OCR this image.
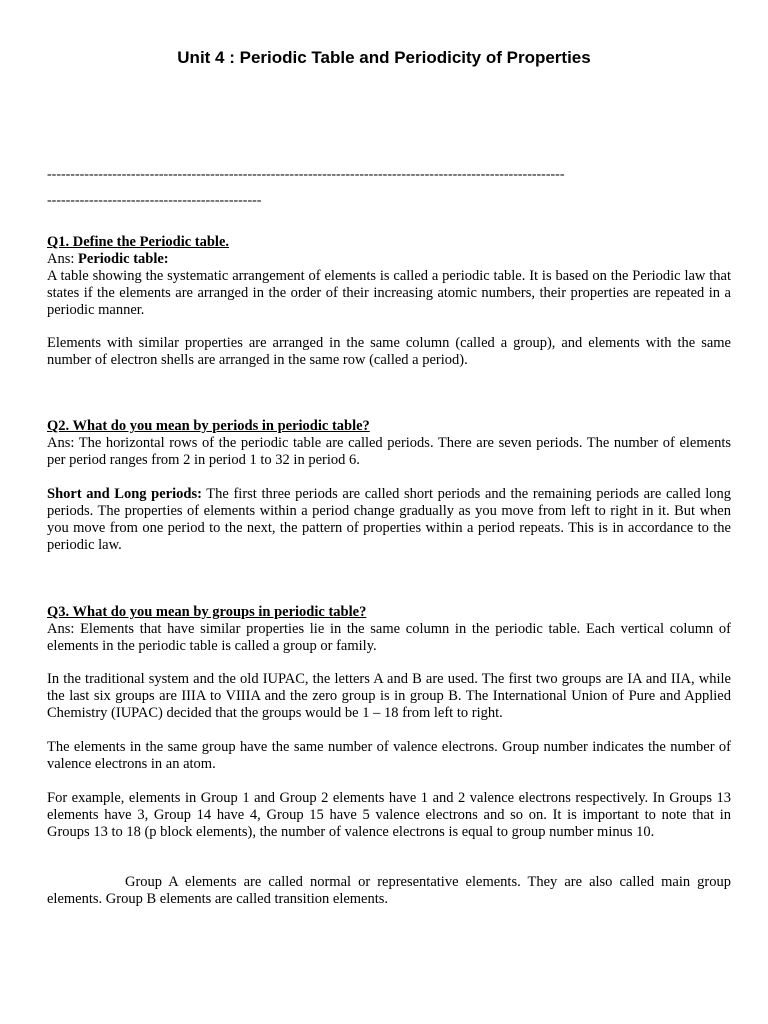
Unit 4 : Periodic Table and Periodicity of Properties
---------------------------------------------------------------------------------------------------------------
----------------------------------------------
Q1. Define the Periodic table.
Ans: Periodic table:
A table showing the systematic arrangement of elements is called a periodic table. It is based on the Periodic law that states if the elements are arranged in the order of their increasing atomic numbers, their properties are repeated in a periodic manner.
Elements with similar properties are arranged in the same column (called a group), and elements with the same number of electron shells are arranged in the same row (called a period).
Q2. What do you mean by periods in periodic table?
Ans: The horizontal rows of the periodic table are called periods. There are seven periods. The number of elements per period ranges from 2 in period 1 to 32 in period 6.
Short and Long periods: The first three periods are called short periods and the remaining periods are called long periods. The properties of elements within a period change gradually as you move from left to right in it. But when you move from one period to the next, the pattern of properties within a period repeats. This is in accordance to the periodic law.
Q3. What do you mean by groups in periodic table?
Ans: Elements that have similar properties lie in the same column in the periodic table. Each vertical column of elements in the periodic table is called a group or family.
In the traditional system and the old IUPAC, the letters A and B are used. The first two groups are IA and IIA, while the last six groups are IIIA to VIIIA and the zero group is in group B. The International Union of Pure and Applied Chemistry (IUPAC) decided that the groups would be 1 – 18 from left to right.
The elements in the same group have the same number of valence electrons. Group number indicates the number of valence electrons in an atom.
For example, elements in Group 1 and Group 2 elements have 1 and 2 valence electrons respectively. In Groups 13 elements have 3, Group 14 have 4, Group 15 have 5 valence electrons and so on. It is important to note that in Groups 13 to 18 (p block elements), the number of valence electrons is equal to group number minus 10.
Group A elements are called normal or representative elements. They are also called main group elements. Group B elements are called transition elements.
